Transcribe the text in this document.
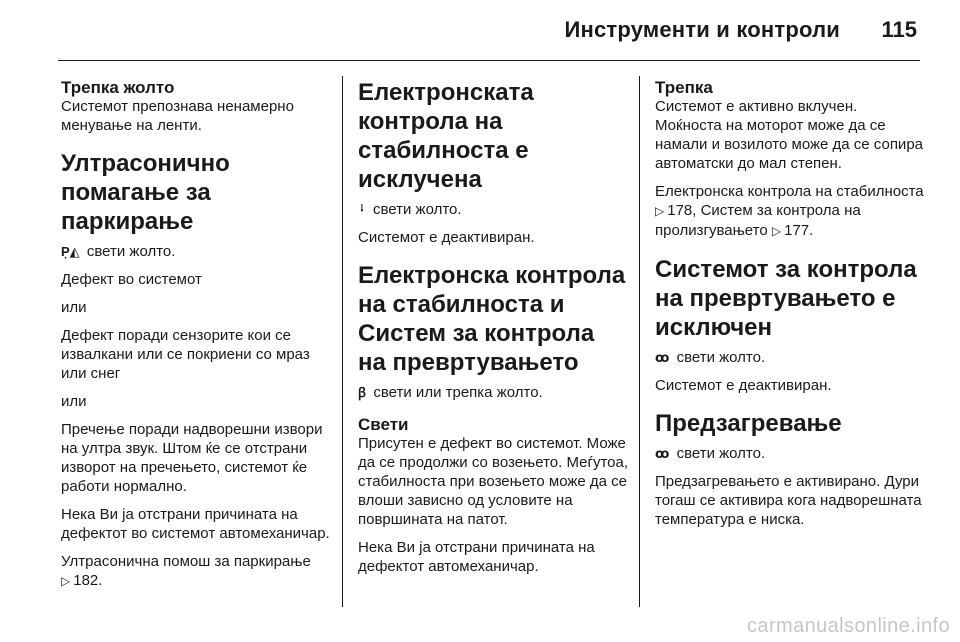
Инструменти и контроли 115

Трепка жолто

Системот препознава ненамерно менување на ленти.

Ултрасонично помагање за паркирање

P͎◭ свети жолто.

Дефект во системот

или

Дефект поради сензорите кои се извалкани или се покриени со мраз или снег

или

Пречење поради надворешни извори на ултра звук. Штом ќе се отстрани изворот на пречењето, системот ќе работи нормално.

Нека Ви ја отстрани причината на дефектот во системот автомеханичар.

Ултрасонична помош за паркирање ▷ 182.

Електронската контрола на стабилноста е исклучена

ᛍ свети жолто.

Системот е деактивиран.

Електронска контрола на стабилноста и Систем за контрола на превртувањето

ꞵ свети или трепка жолто.

Свети

Присутен е дефект во системот. Може да се продолжи со возењето. Меѓутоа, стабилноста при возењето може да се влоши зависно од условите на површината на патот.

Нека Ви ја отстрани причината на дефектот автомеханичар.

Трепка

Системот е активно вклучен. Моќноста на моторот може да се намали и возилото може да се сопира автоматски до мал степен.

Електронска контрола на стабилноста ▷ 178, Систем за контрола на пролизгувањето ▷ 177.

Системот за контрола на превртувањето е исключен

ꝏ свети жолто.

Системот е деактивиран.

Предзагревање

ꝏ свети жолто.

Предзагревањето е активирано. Дури тогаш се активира кога надворешната температура е ниска.

carmanualsonline.info
